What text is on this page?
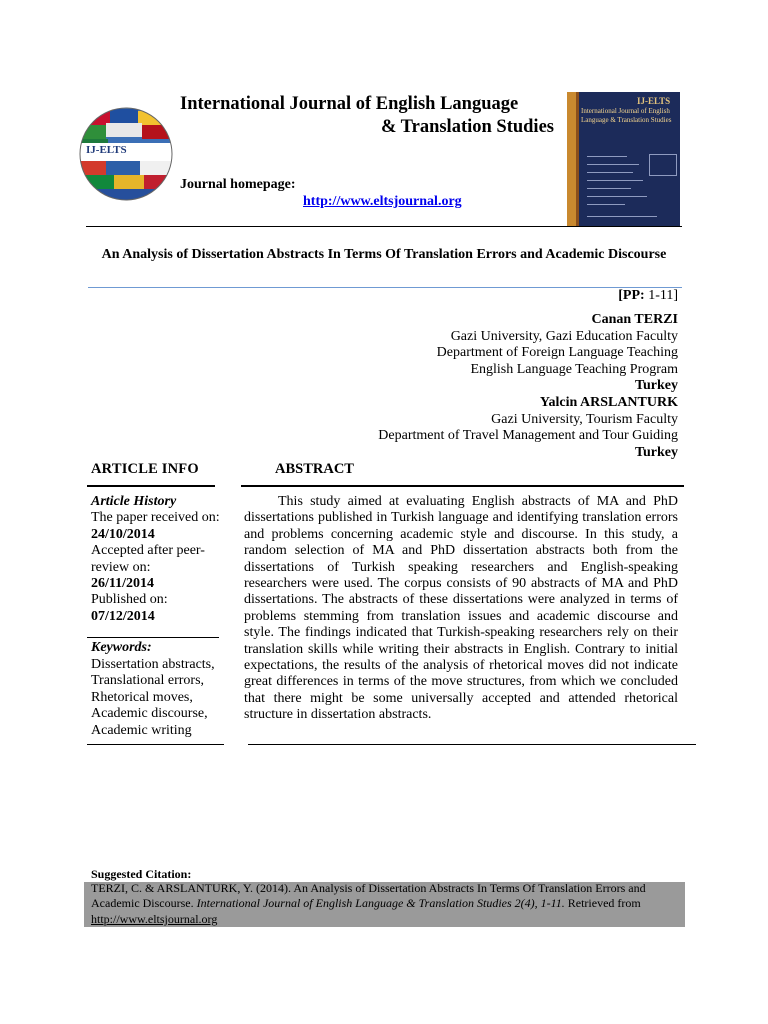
IJ-ELTS
International Journal of English Language
& Translation Studies
Journal homepage:
http://www.eltsjournal.org
IJ-ELTS
International Journal of English Language & Translation Studies
An Analysis of Dissertation Abstracts In Terms Of Translation Errors and Academic Discourse
[PP: 1-11]
Canan TERZI
Gazi University, Gazi Education Faculty
Department of Foreign Language Teaching
English Language Teaching Program
Turkey
Yalcin ARSLANTURK
Gazi University, Tourism Faculty
Department of Travel Management and Tour Guiding
Turkey
ARTICLE INFO
Article History
The paper received on:
24/10/2014
Accepted after peer-review on:
26/11/2014
Published on:
07/12/2014
Keywords:
Dissertation abstracts,
Translational errors,
Rhetorical moves,
Academic discourse,
Academic writing
ABSTRACT
This study aimed at evaluating English abstracts of MA and PhD dissertations published in Turkish language and identifying translation errors and problems concerning academic style and discourse. In this study, a random selection of MA and PhD dissertation abstracts both from the dissertations of Turkish speaking researchers and English-speaking researchers were used. The corpus consists of 90 abstracts of MA and PhD dissertations. The abstracts of these dissertations were analyzed in terms of problems stemming from translation issues and academic discourse and style. The findings indicated that Turkish-speaking researchers rely on their translation skills while writing their abstracts in English. Contrary to initial expectations, the results of the analysis of rhetorical moves did not indicate great differences in terms of the move structures, from which we concluded that there might be some universally accepted and attended rhetorical structure in dissertation abstracts.
Suggested Citation:
TERZI, C. & ARSLANTURK, Y. (2014). An Analysis of Dissertation Abstracts In Terms Of Translation Errors and Academic Discourse. International Journal of English Language & Translation Studies 2(4), 1-11. Retrieved from http://www.eltsjournal.org
